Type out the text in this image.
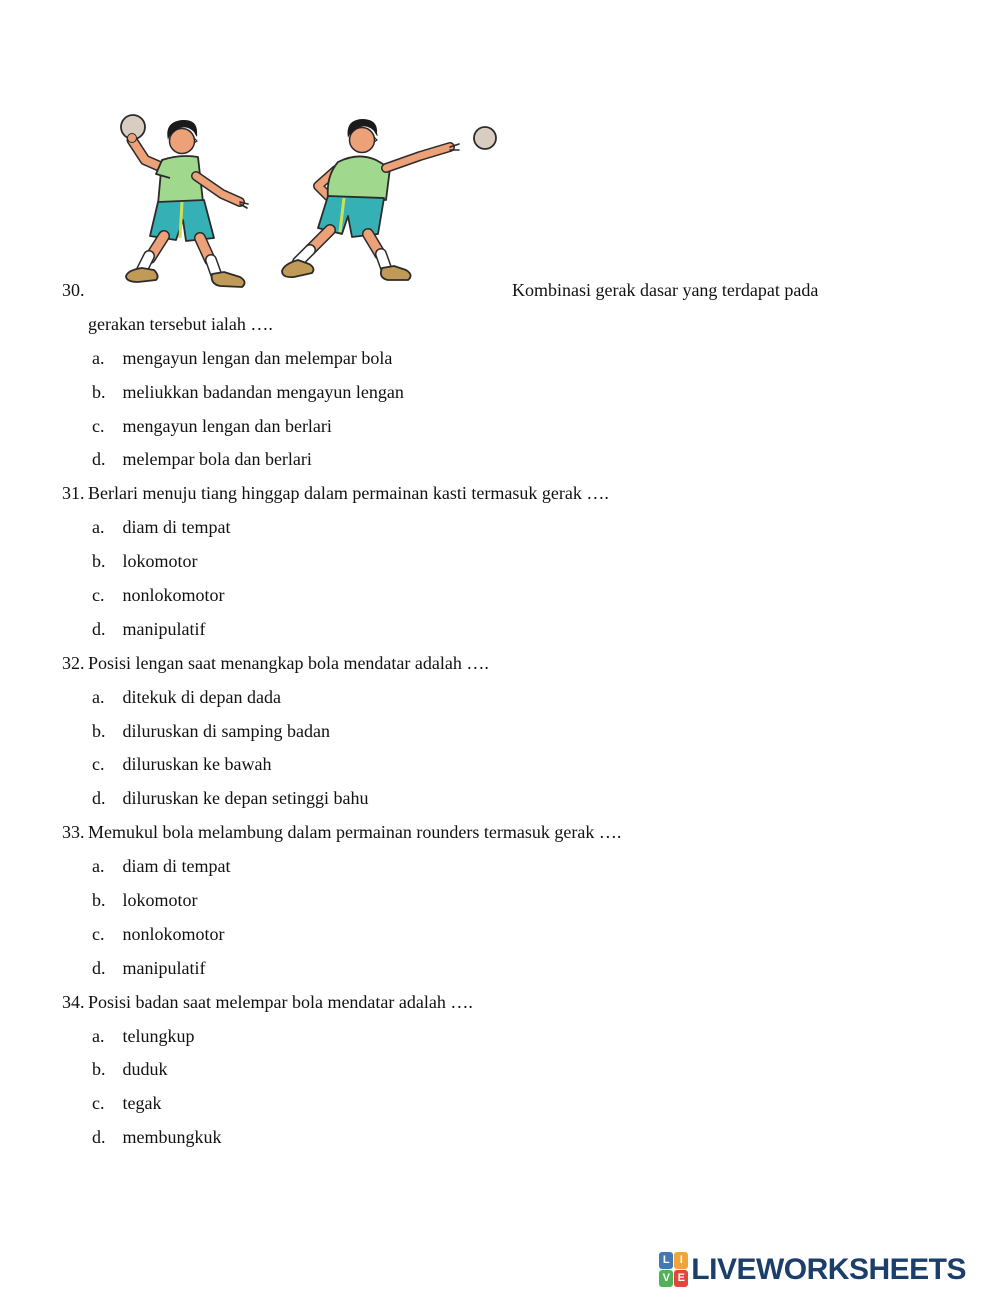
30.	Kombinasi gerak dasar yang terdapat pada
gerakan tersebut ialah ….
a. mengayun lengan dan melempar bola
b. meliukkan badandan mengayun lengan
c. mengayun lengan dan berlari
d. melempar bola dan berlari
31. Berlari menuju tiang hinggap dalam permainan kasti termasuk gerak ….
a. diam di tempat
b. lokomotor
c. nonlokomotor
d. manipulatif
32. Posisi lengan saat menangkap bola mendatar adalah ….
a. ditekuk di depan dada
b. diluruskan di samping badan
c. diluruskan ke bawah
d. diluruskan ke depan setinggi bahu
33. Memukul bola melambung dalam permainan rounders termasuk gerak ….
a. diam di tempat
b. lokomotor
c. nonlokomotor
d. manipulatif
34. Posisi badan saat melempar bola mendatar adalah ….
a. telungkup
b. duduk
c. tegak
d. membungkuk
L I
V E LIVEWORKSHEETS
